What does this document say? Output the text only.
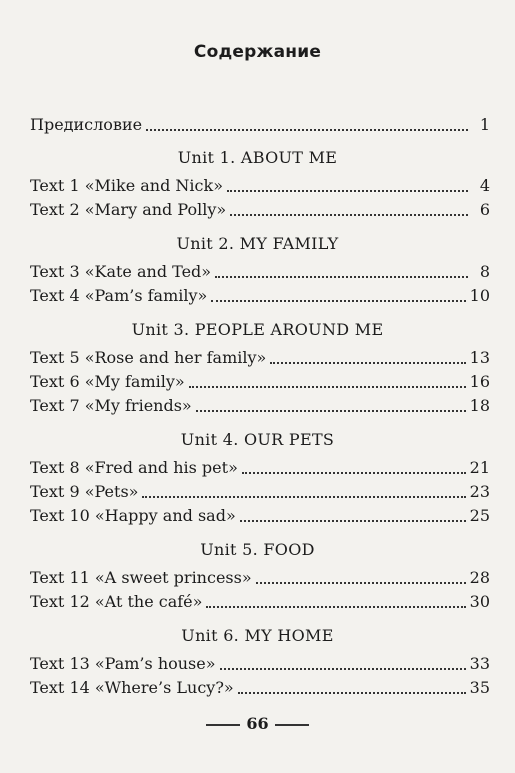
Содержание
Предисловие	1
Unit 1. ABOUT ME
Text 1 «Mike and Nick»	4
Text 2 «Mary and Polly»	6
Unit 2. MY FAMILY
Text 3 «Kate and Ted»	8
Text 4 «Pam’s family»	10
Unit 3. PEOPLE AROUND ME
Text 5 «Rose and her family»	13
Text 6 «My family»	16
Text 7 «My friends»	18
Unit 4. OUR PETS
Text 8 «Fred and his pet»	21
Text 9 «Pets»	23
Text 10 «Happy and sad»	25
Unit 5. FOOD
Text 11 «A sweet princess»	28
Text 12 «At the café»	30
Unit 6. MY HOME
Text 13 «Pam’s house»	33
Text 14 «Where’s Lucy?»	35
66
